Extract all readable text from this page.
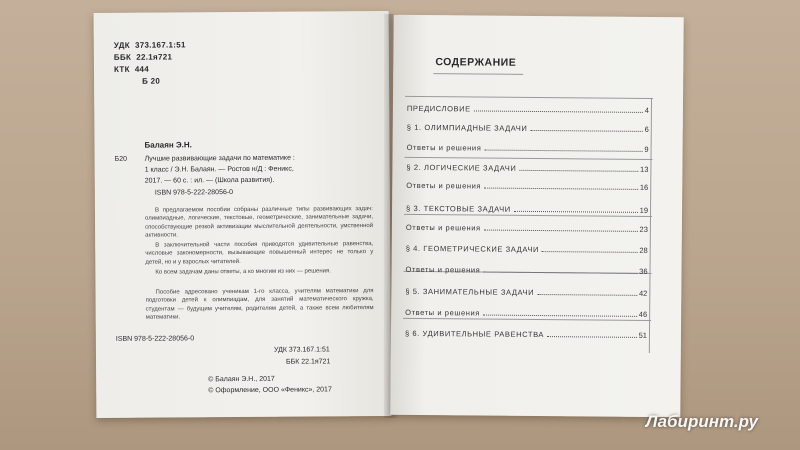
УДК 373.167.1:51
ББК 22.1я721
КТК 444
Б 20
Балаян Э.Н.
Б20	Лучшие развивающие задачи по математике :
1 класс / Э.Н. Балаян. — Ростов н/Д : Феникс,
2017. — 60 с. : ил. — (Школа развития).
ISBN 978-5-222-28056-0
В предлагаемом пособии собраны различные типы развивающих задач: олимпиадные, логические, текстовые, геометрические, занимательные задачи, способствующие резкой активизации мыслительной деятельности, умственной активности.
В заключительной части пособия приводятся удивительные равенства, числовые закономерности, вызывающие повышенный интерес не только у детей, но и у взрослых читателей.
Ко всем задачам даны ответы, а ко многим из них — решения.
Пособие адресовано ученикам 1-го класса, учителям математики для подготовки детей к олимпиадам, для занятий математического кружка, студентам — будущим учителям, родителям детей, а также всем любителям математики.
ISBN 978-5-222-28056-0
УДК 373.167.1:51
ББК 22.1я721
© Балаян Э.Н., 2017
© Оформление, ООО «Феникс», 2017
СОДЕРЖАНИЕ
ПРЕДИСЛОВИЕ	4
§ 1. ОЛИМПИАДНЫЕ ЗАДАЧИ	6
Ответы и решения	9
§ 2. ЛОГИЧЕСКИЕ ЗАДАЧИ	13
Ответы и решения	16
§ 3. ТЕКСТОВЫЕ ЗАДАЧИ	19
Ответы и решения	23
§ 4. ГЕОМЕТРИЧЕСКИЕ ЗАДАЧИ	28
Ответы и решения	36
§ 5. ЗАНИМАТЕЛЬНЫЕ ЗАДАЧИ	42
Ответы и решения	46
§ 6. УДИВИТЕЛЬНЫЕ РАВЕНСТВА	51
Лабиринт.ру
